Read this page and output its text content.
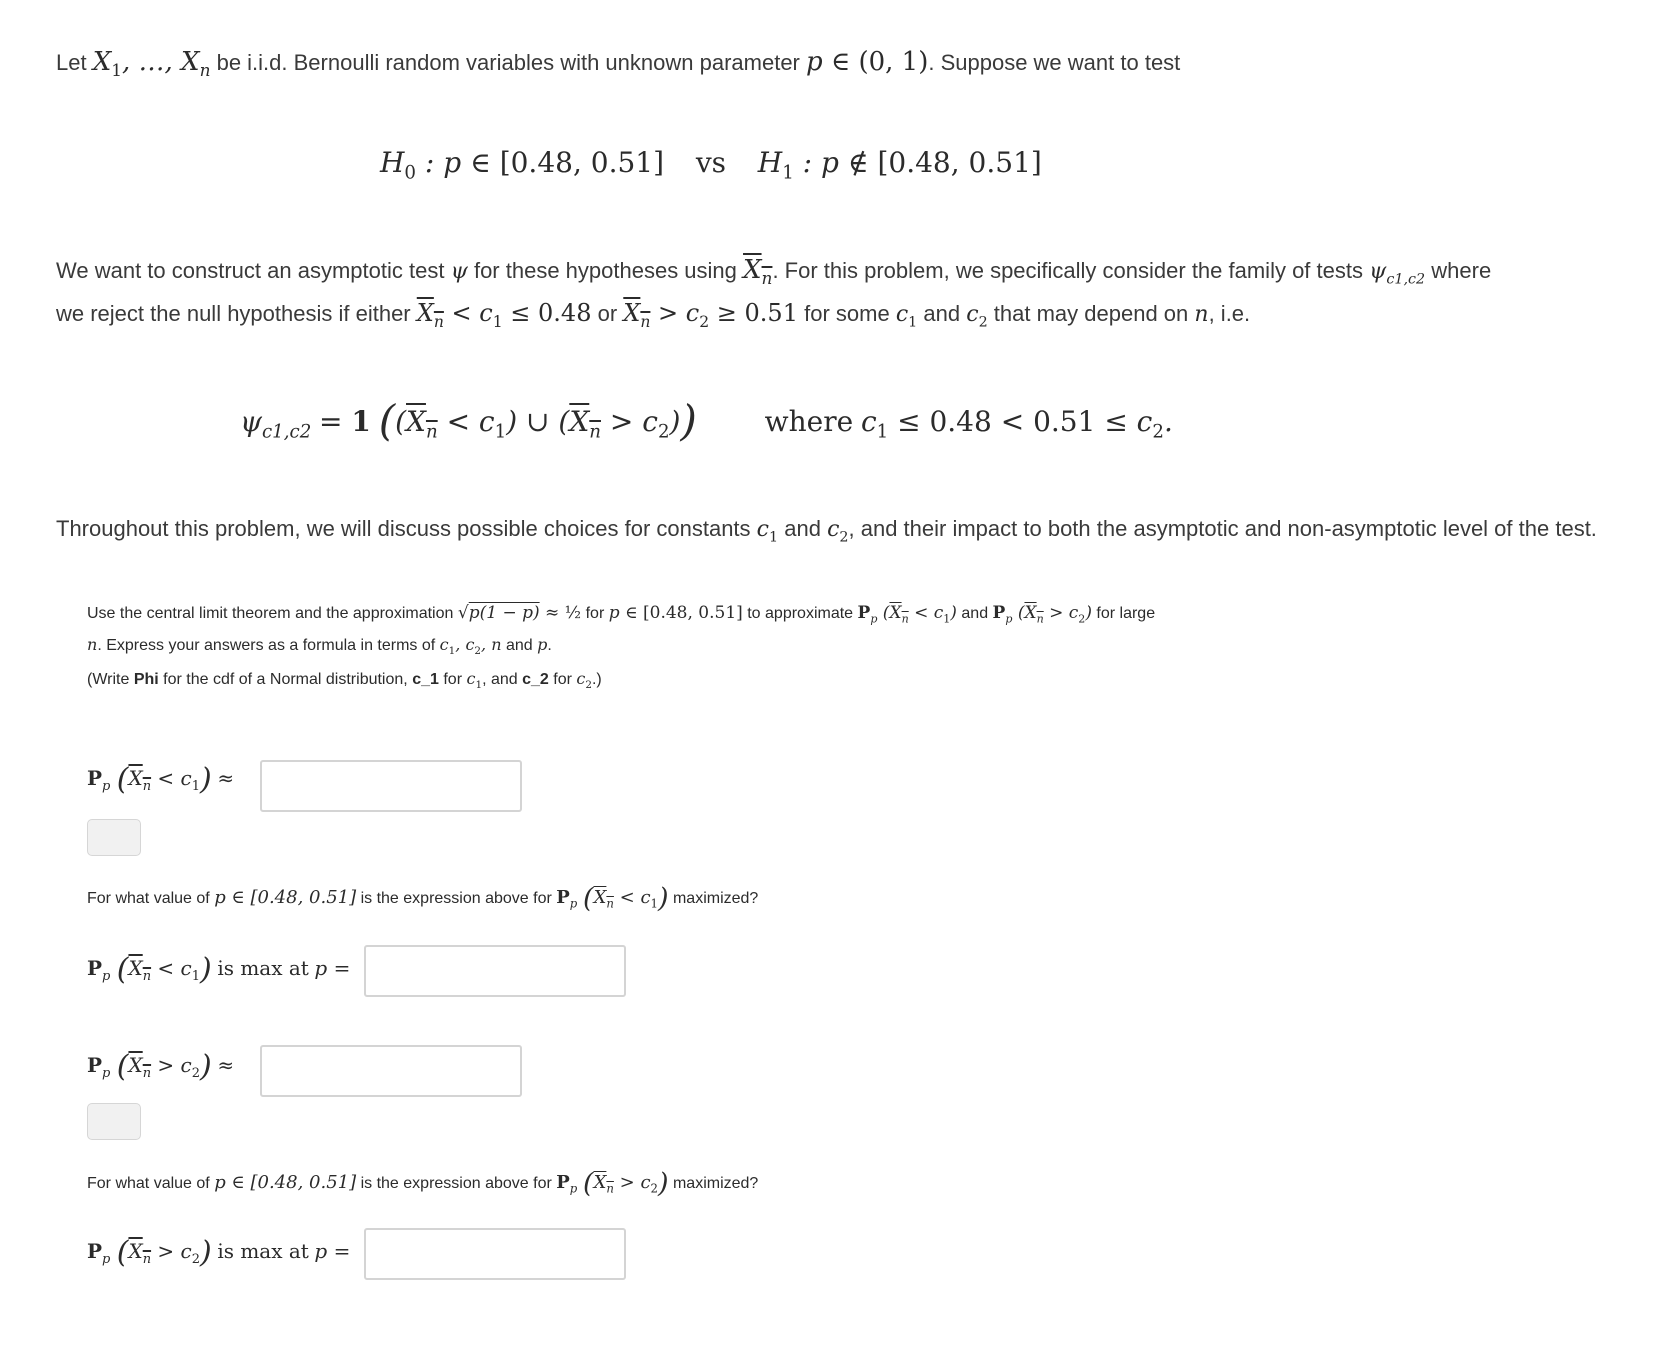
Let $X_1$, …, $X_n$ be i.i.d. Bernoulli random variables with unknown parameter p ∈ (0, 1). Suppose we want to test
$H_0$ : p ∈ [0.48, 0.51] vs $H_1$ : p ∉ [0.48, 0.51]
We want to construct an asymptotic test ψ for these hypotheses using $X_n$. For this problem, we specifically consider the family of tests $\psi_{c1,c2}$ where
we reject the null hypothesis if either $X_n < c_1 \le 0.48$ or $X_n > c_2 \ge 0.51$ for some $c_1$ and $c_2$ that may depend on n, i.e.
$\psi_{c1,c2} = 1$ ($(X_n < c_1)$ ∪ $(X_n > c_2)$) where $c_1 \le 0.48 < 0.51 \le c_2$.
Throughout this problem, we will discuss possible choices for constants $c_1$ and $c_2$, and their impact to both the asymptotic and non-asymptotic level of the test.
Use the central limit theorem and the approximation √p(1 − p) ≈ ½ for p ∈ [0.48, 0.51] to approximate $P_p$ $(X_n < c_1)$ and $P_p$ $(X_n > c_2)$ for large
n. Express your answers as a formula in terms of $c_1$, $c_2$, n and p.
(Write Phi for the cdf of a Normal distribution, c_1 for $c_1$, and c_2 for $c_2$.)
$P_p$ $(X_n < c_1)$ ≈
For what value of p ∈ [0.48, 0.51] is the expression above for $P_p$ $(X_n < c_1)$ maximized?
$P_p$ $(X_n < c_1)$ is max at p =
$P_p$ $(X_n > c_2)$ ≈
For what value of p ∈ [0.48, 0.51] is the expression above for $P_p$ $(X_n > c_2)$ maximized?
$P_p$ $(X_n > c_2)$ is max at p =
